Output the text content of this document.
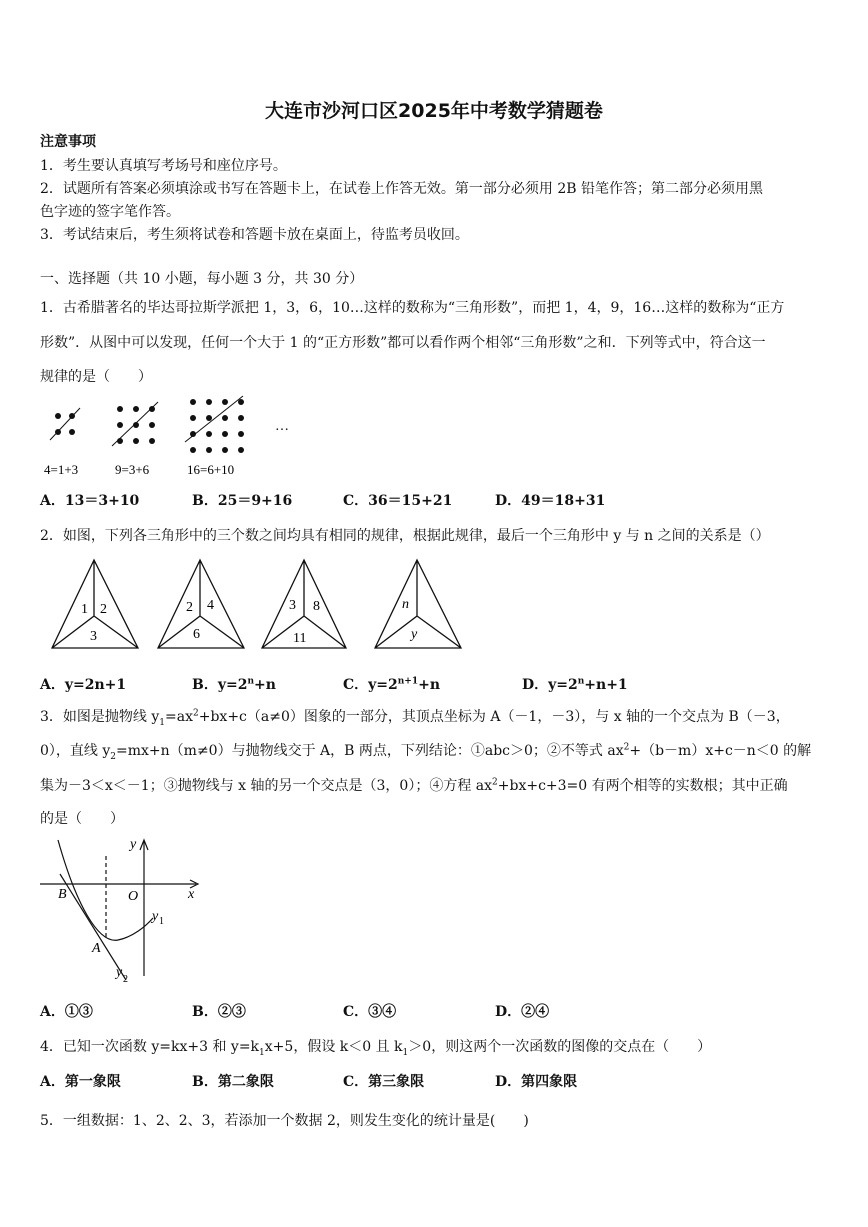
大连市沙河口区2025年中考数学猜题卷
注意事项
1．考生要认真填写考场号和座位序号。
2．试题所有答案必须填涂或书写在答题卡上，在试卷上作答无效。第一部分必须用 2B 铅笔作答；第二部分必须用黑
色字迹的签字笔作答。
3．考试结束后，考生须将试卷和答题卡放在桌面上，待监考员收回。
一、选择题（共 10 小题，每小题 3 分，共 30 分）
1．古希腊著名的毕达哥拉斯学派把 1，3，6，10…这样的数称为“三角形数”，而把 1，4，9，16…这样的数称为“正方
形数”．从图中可以发现，任何一个大于 1 的“正方形数”都可以看作两个相邻“三角形数”之和．下列等式中，符合这一
规律的是（　　）
…
4=1+3	9=3+6	16=6+10
A．13＝3+10	B．25＝9+16	C．36＝15+21	D．49＝18+31
2．如图，下列各三角形中的三个数之间均具有相同的规律，根据此规律，最后一个三角形中 y 与 n 之间的关系是（）
1 2
3
2 4
6
3 8
11
n
y
A．y=2n+1	B．$y=2^n+n$	C．$y=2^{n+1}+n$	D．$y=2^n+n+1$
3．如图是抛物线 $y_1=ax^2+bx+c(a\ne 0)$图象的一部分，其顶点坐标为 A（－1，－3），与 x 轴的一个交点为 B（－3，
0），直线 $y_2=mx+n(m\ne 0)$与抛物线交于 A，B 两点，下列结论：①abc＞0；②不等式 $ax^2+(b-m)x+c-n<0$ 的解
集为－3＜x＜－1；③抛物线与 x 轴的另一个交点是（3，0）；④方程 $ax^2+bx+c+3=0$ 有两个相等的实数根；其中正确
的是（　　）
y
x
O
B
A
y
y
1
2
A．①③	B．②③	C．③④	D．②④
4．已知一次函数 y=kx+3 和 $y=k_1x+5$，假设 k＜0 且 $k_1>0$，则这两个一次函数的图像的交点在（　　）
A．第一象限	B．第二象限	C．第三象限	D．第四象限
5．一组数据：1、2、2、3，若添加一个数据 2，则发生变化的统计量是(　　)
